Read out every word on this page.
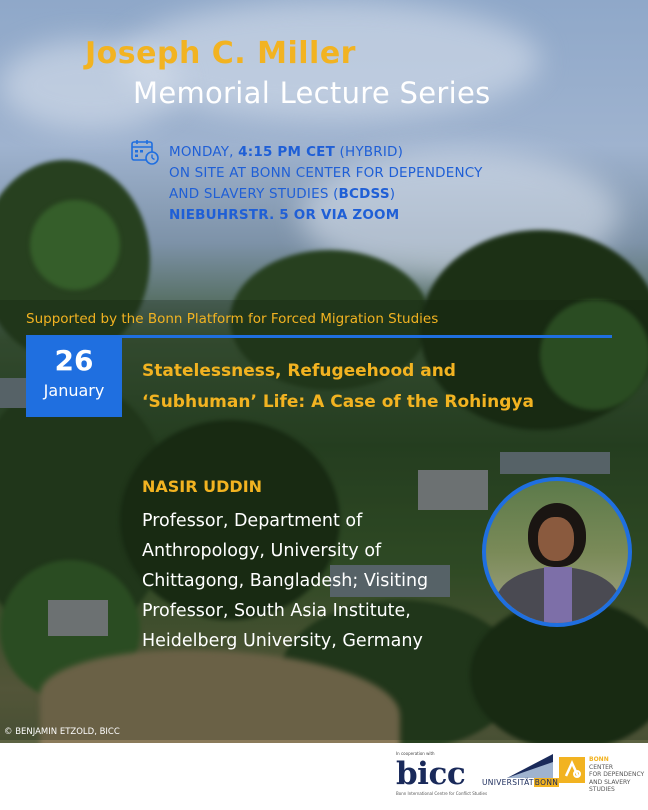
Joseph C. Miller
Memorial Lecture Series
MONDAY, 4:15 PM CET (HYBRID)
ON SITE AT BONN CENTER FOR DEPENDENCY
AND SLAVERY STUDIES (BCDSS)
NIEBUHRSTR. 5 OR VIA ZOOM
Supported by the Bonn Platform for Forced Migration Studies
26
January
Statelessness, Refugeehood and
‘Subhuman’ Life: A Case of the Rohingya
NASIR UDDIN
Professor, Department of
Anthropology, University of
Chittagong, Bangladesh; Visiting
Professor, South Asia Institute,
Heidelberg University, Germany
© BENJAMIN ETZOLD, BICC
In cooperation with
bicc
Bonn International Centre for Conflict Studies
UNIVERSITÄTBONN
BONN
CENTER
FOR DEPENDENCY
AND SLAVERY
STUDIES
